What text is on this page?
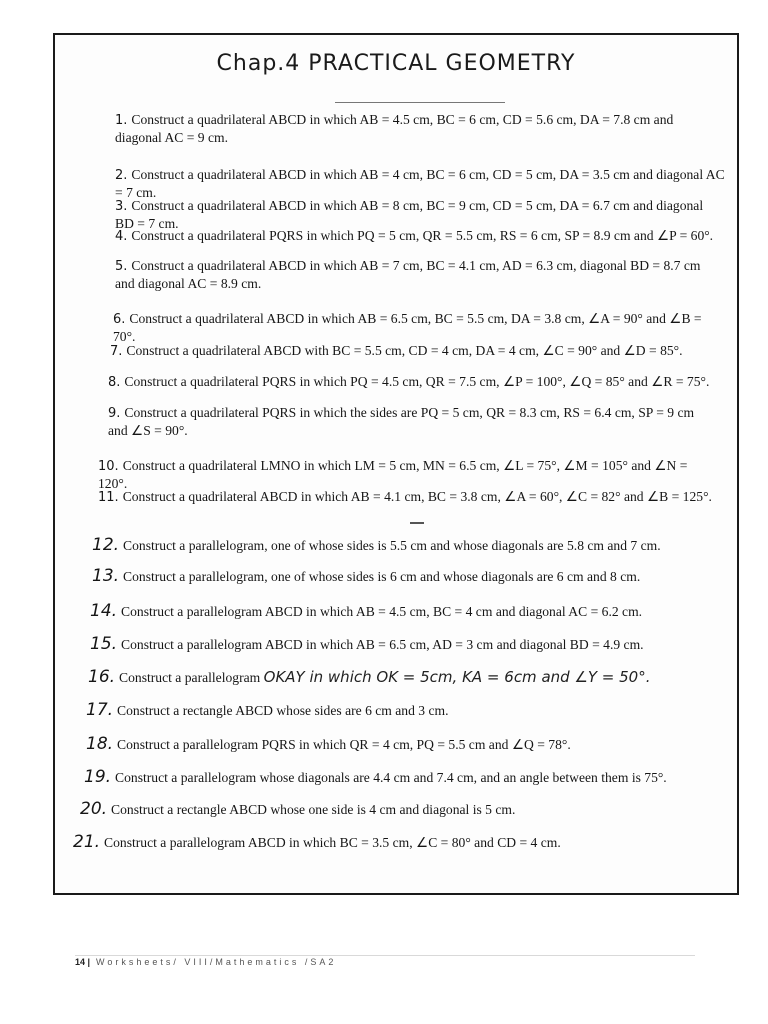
Chap.4 PRACTICAL GEOMETRY
1. Construct a quadrilateral ABCD in which AB = 4.5 cm, BC = 6 cm, CD = 5.6 cm, DA = 7.8 cm and diagonal AC = 9 cm.
2. Construct a quadrilateral ABCD in which AB = 4 cm, BC = 6 cm, CD = 5 cm, DA = 3.5 cm and diagonal AC = 7 cm.
3. Construct a quadrilateral ABCD in which AB = 8 cm, BC = 9 cm, CD = 5 cm, DA = 6.7 cm and diagonal BD = 7 cm.
4. Construct a quadrilateral PQRS in which PQ = 5 cm, QR = 5.5 cm, RS = 6 cm, SP = 8.9 cm and ∠P = 60°.
5. Construct a quadrilateral ABCD in which AB = 7 cm, BC = 4.1 cm, AD = 6.3 cm, diagonal BD = 8.7 cm and diagonal AC = 8.9 cm.
6. Construct a quadrilateral ABCD in which AB = 6.5 cm, BC = 5.5 cm, DA = 3.8 cm, ∠A = 90° and ∠B = 70°.
7. Construct a quadrilateral ABCD with BC = 5.5 cm, CD = 4 cm, DA = 4 cm, ∠C = 90° and ∠D = 85°.
8. Construct a quadrilateral PQRS in which PQ = 4.5 cm, QR = 7.5 cm, ∠P = 100°, ∠Q = 85° and ∠R = 75°.
9. Construct a quadrilateral PQRS in which the sides are PQ = 5 cm, QR = 8.3 cm, RS = 6.4 cm, SP = 9 cm and ∠S = 90°.
10. Construct a quadrilateral LMNO in which LM = 5 cm, MN = 6.5 cm, ∠L = 75°, ∠M = 105° and ∠N = 120°.
11. Construct a quadrilateral ABCD in which AB = 4.1 cm, BC = 3.8 cm, ∠A = 60°, ∠C = 82° and ∠B = 125°.
12. Construct a parallelogram, one of whose sides is 5.5 cm and whose diagonals are 5.8 cm and 7 cm.
13. Construct a parallelogram, one of whose sides is 6 cm and whose diagonals are 6 cm and 8 cm.
14. Construct a parallelogram ABCD in which AB = 4.5 cm, BC = 4 cm and diagonal AC = 6.2 cm.
15. Construct a parallelogram ABCD in which AB = 6.5 cm, AD = 3 cm and diagonal BD = 4.9 cm.
16. Construct a parallelogram OKAY in which OK = 5cm, KA = 6cm and ∠Y = 50°.
17. Construct a rectangle ABCD whose sides are 6 cm and 3 cm.
18. Construct a parallelogram PQRS in which QR = 4 cm, PQ = 5.5 cm and ∠Q = 78°.
19. Construct a parallelogram whose diagonals are 4.4 cm and 7.4 cm, and an angle between them is 75°.
20. Construct a rectangle ABCD whose one side is 4 cm and diagonal is 5 cm.
21. Construct a parallelogram ABCD in which BC = 3.5 cm, ∠C = 80° and CD = 4 cm.
14 | Worksheets/ VIII/Mathematics /SA2
